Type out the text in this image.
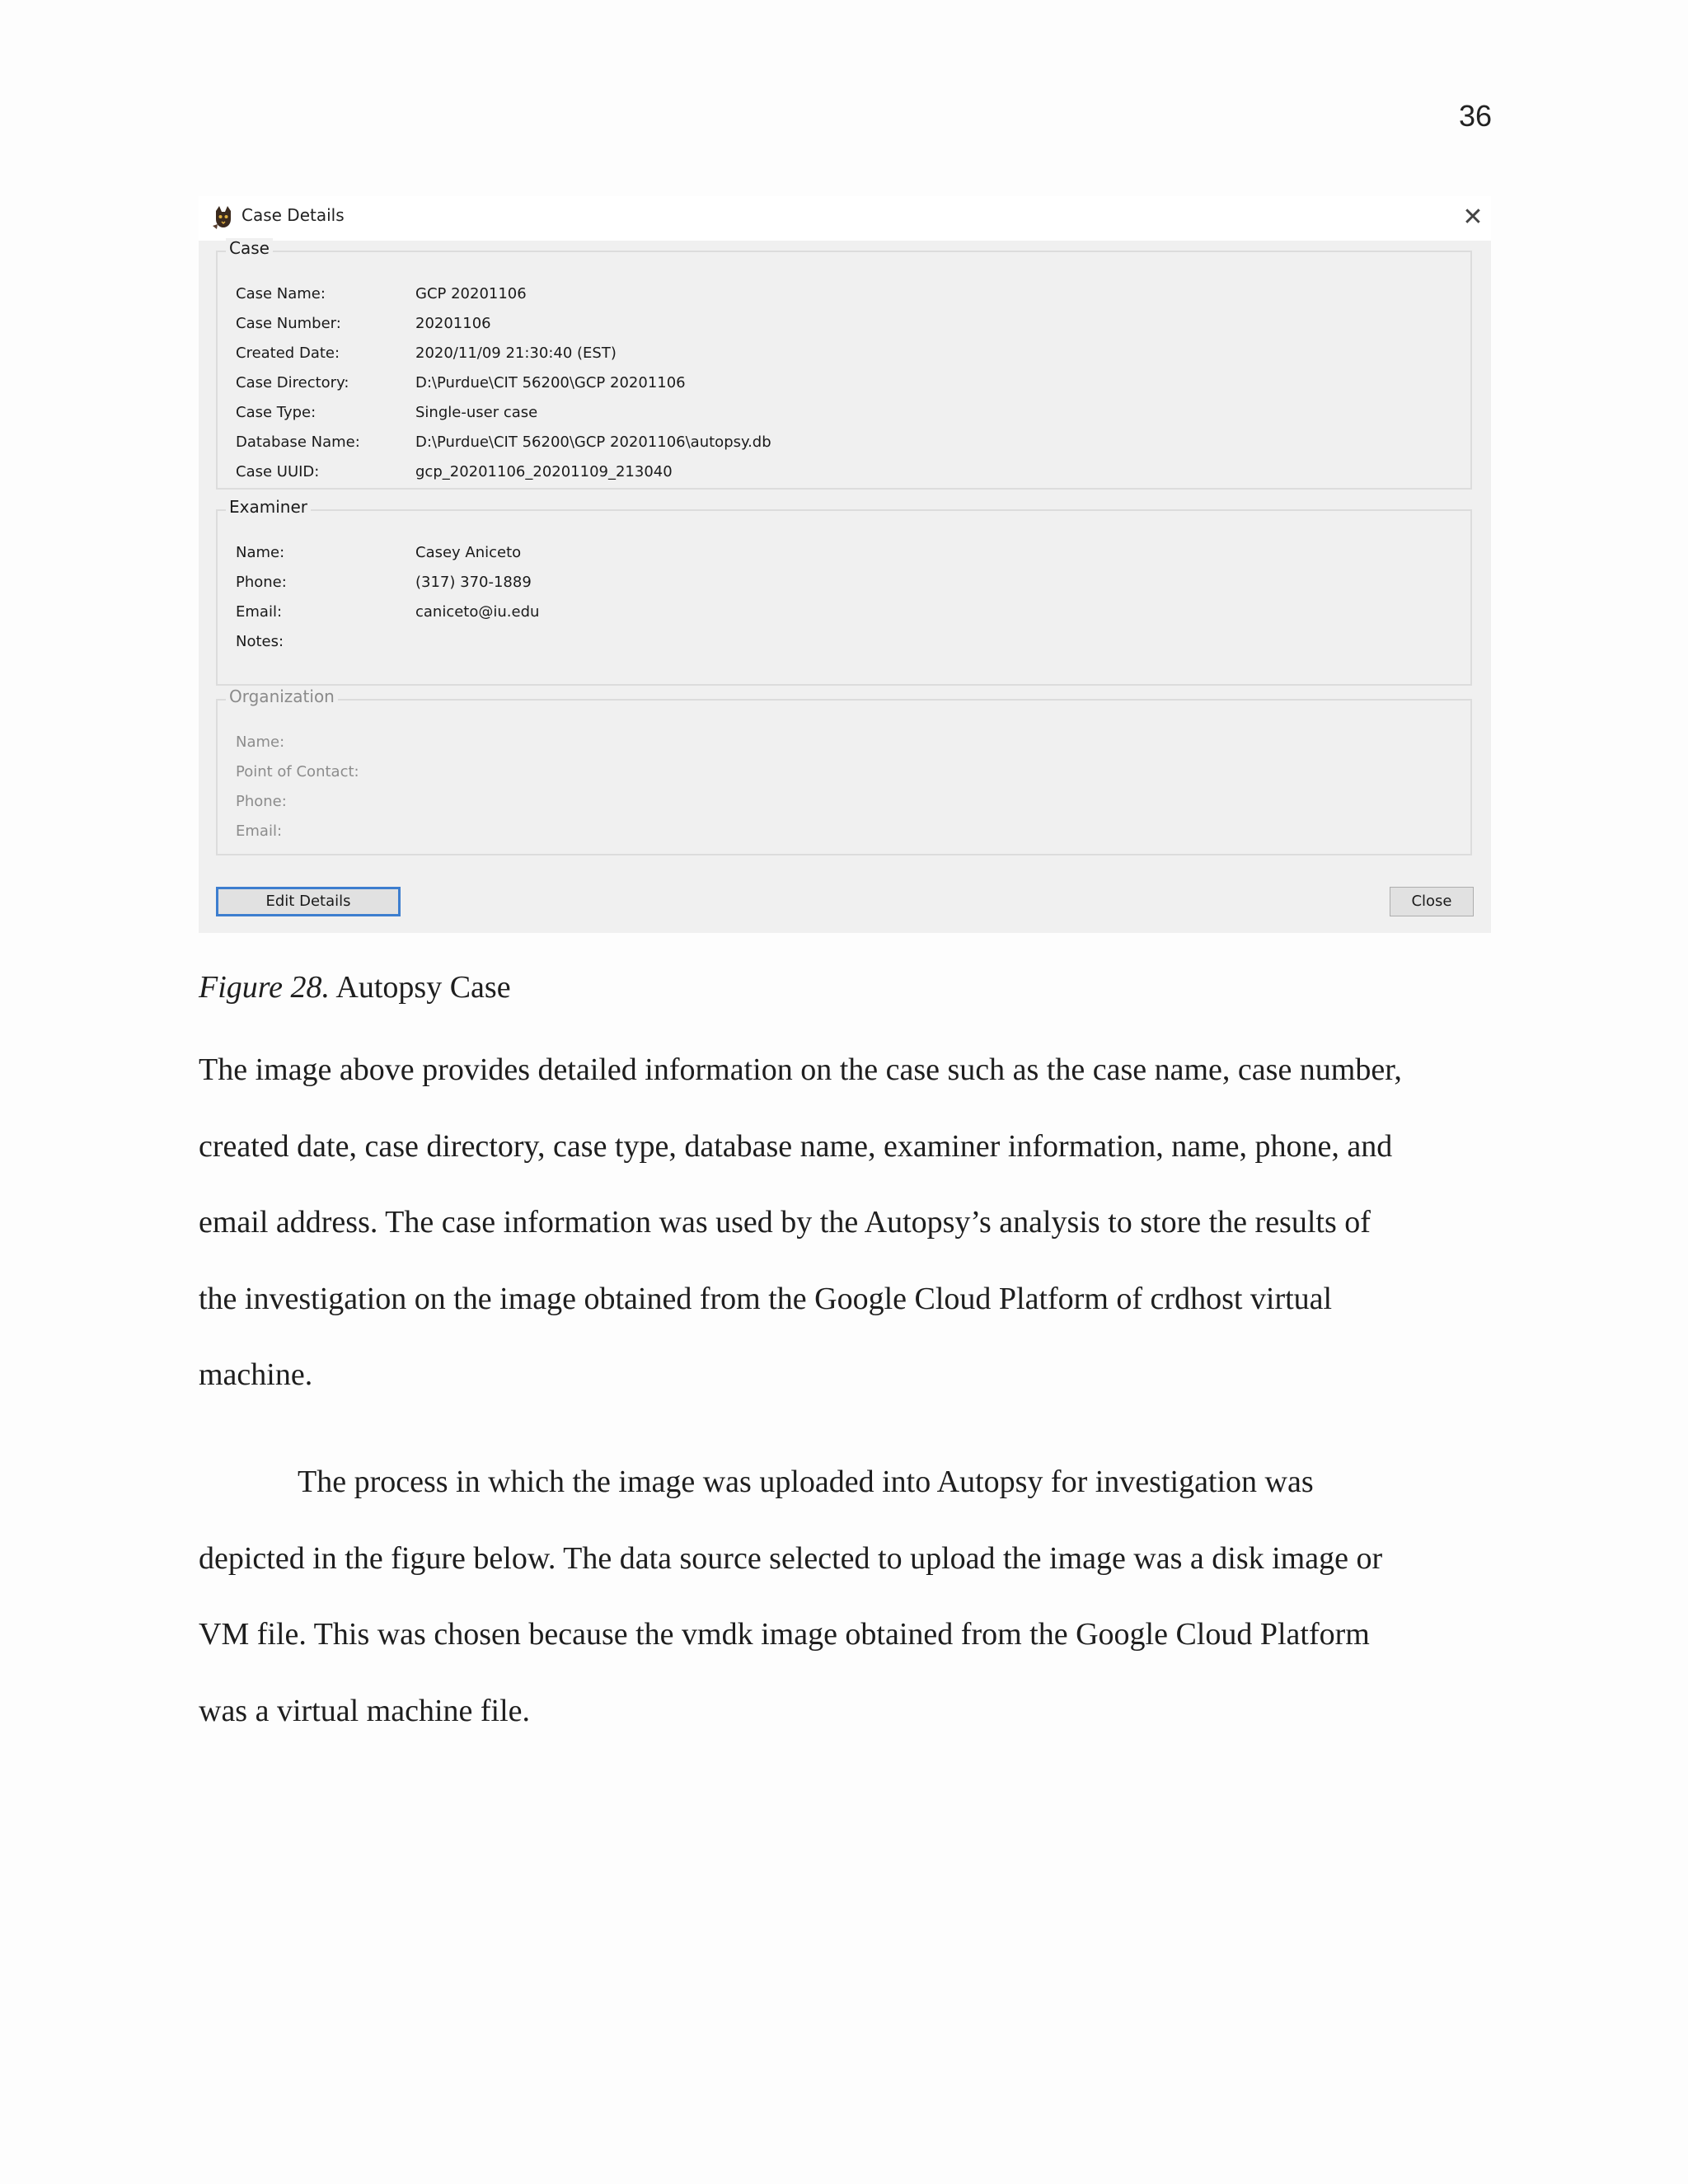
36
Case Details	✕
Case
Case Name:	GCP 20201106
Case Number:	20201106
Created Date:	2020/11/09 21:30:40 (EST)
Case Directory:	D:\Purdue\CIT 56200\GCP 20201106
Case Type:	Single-user case
Database Name:	D:\Purdue\CIT 56200\GCP 20201106\autopsy.db
Case UUID:	gcp_20201106_20201109_213040
Examiner
Name:	Casey Aniceto
Phone:	(317) 370-1889
Email:	caniceto@iu.edu
Notes:
Organization
Name:
Point of Contact:
Phone:
Email:
Edit Details	Close
Figure 28. Autopsy Case
The image above provides detailed information on the case such as the case name, case number,
created date, case directory, case type, database name, examiner information, name, phone, and
email address. The case information was used by the Autopsy’s analysis to store the results of
the investigation on the image obtained from the Google Cloud Platform of crdhost virtual
machine.
The process in which the image was uploaded into Autopsy for investigation was
depicted in the figure below. The data source selected to upload the image was a disk image or
VM file. This was chosen because the vmdk image obtained from the Google Cloud Platform
was a virtual machine file.
